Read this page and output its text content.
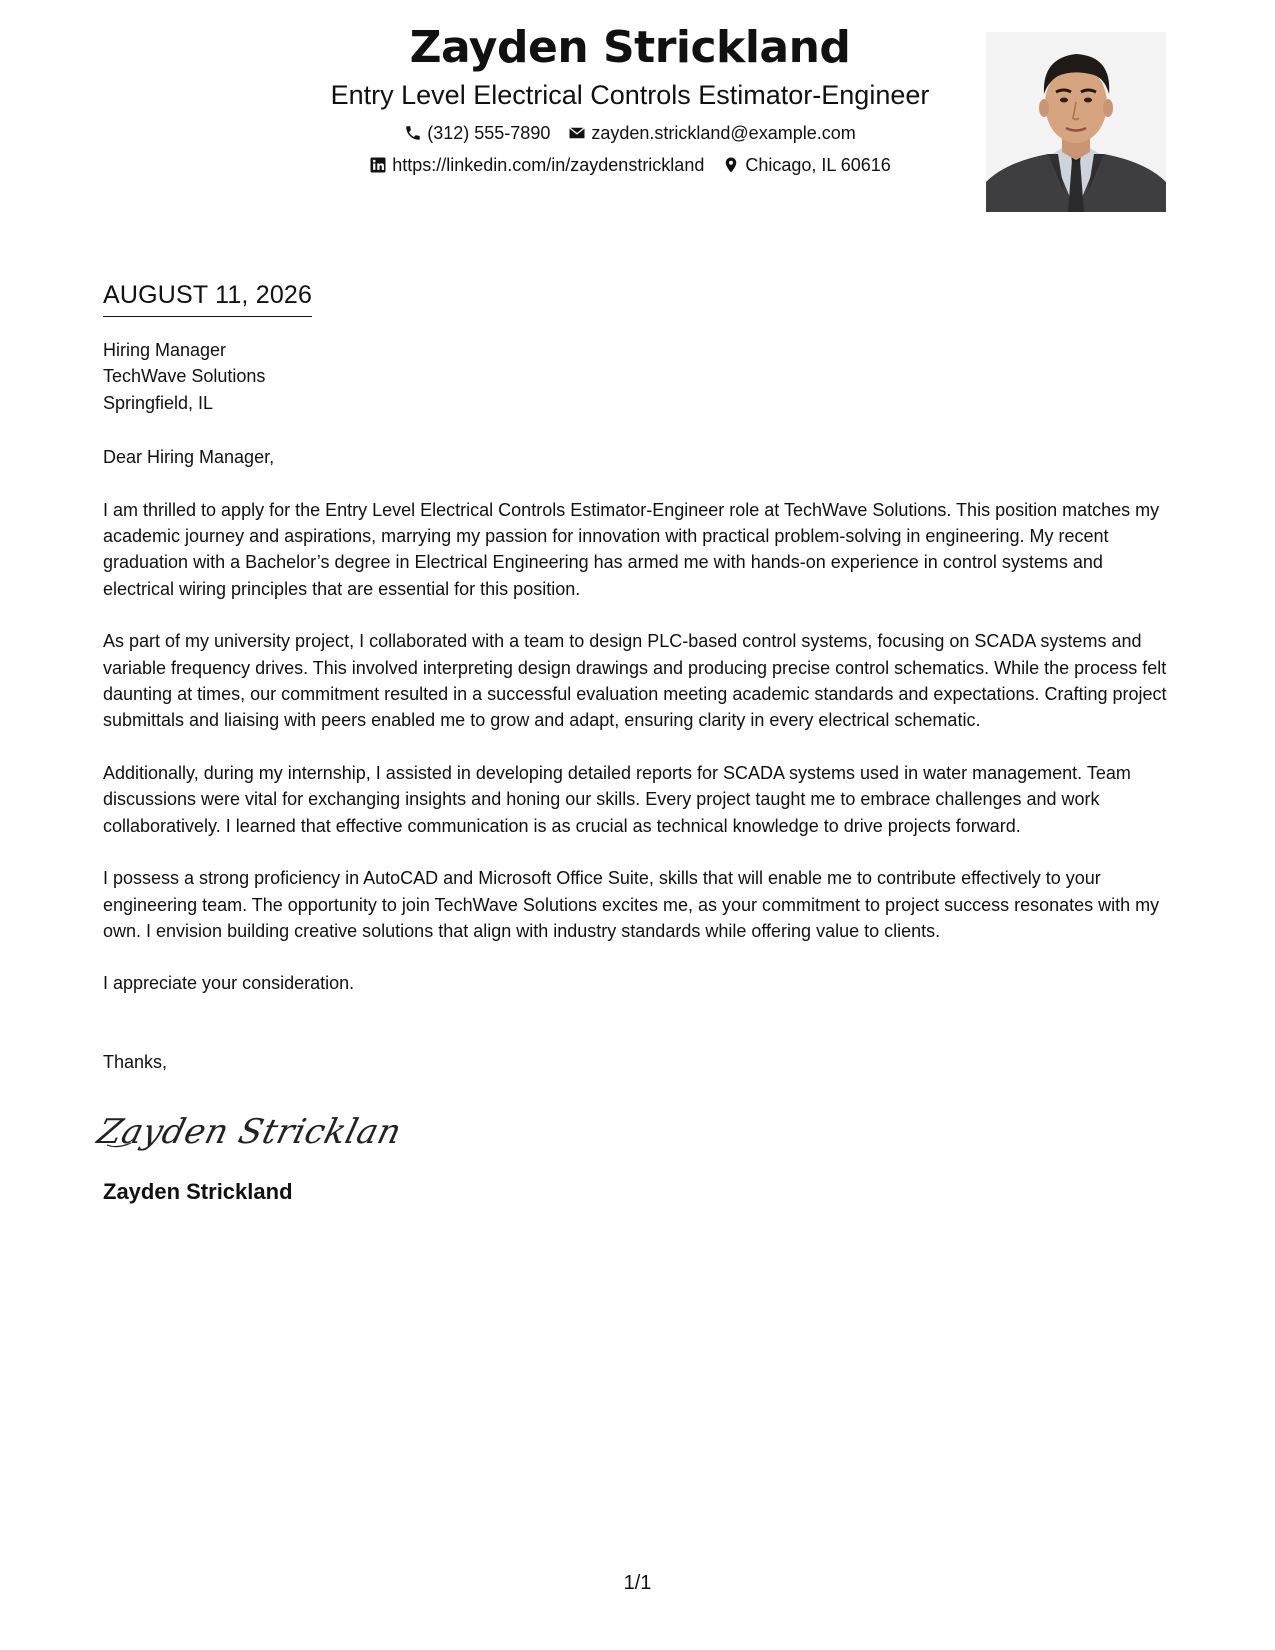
Zayden Strickland
Entry Level Electrical Controls Estimator-Engineer
(312) 555-7890 zayden.strickland@example.com
https://linkedin.com/in/zaydenstrickland Chicago, IL 60616
AUGUST 11, 2026
Hiring Manager
TechWave Solutions
Springfield, IL
Dear Hiring Manager,
I am thrilled to apply for the Entry Level Electrical Controls Estimator-Engineer role at TechWave Solutions. This position matches my academic journey and aspirations, marrying my passion for innovation with practical problem-solving in engineering. My recent graduation with a Bachelor’s degree in Electrical Engineering has armed me with hands-on experience in control systems and electrical wiring principles that are essential for this position.
As part of my university project, I collaborated with a team to design PLC-based control systems, focusing on SCADA systems and variable frequency drives. This involved interpreting design drawings and producing precise control schematics. While the process felt daunting at times, our commitment resulted in a successful evaluation meeting academic standards and expectations. Crafting project submittals and liaising with peers enabled me to grow and adapt, ensuring clarity in every electrical schematic.
Additionally, during my internship, I assisted in developing detailed reports for SCADA systems used in water management. Team discussions were vital for exchanging insights and honing our skills. Every project taught me to embrace challenges and work collaboratively. I learned that effective communication is as crucial as technical knowledge to drive projects forward.
I possess a strong proficiency in AutoCAD and Microsoft Office Suite, skills that will enable me to contribute effectively to your engineering team. The opportunity to join TechWave Solutions excites me, as your commitment to project success resonates with my own. I envision building creative solutions that align with industry standards while offering value to clients.
I appreciate your consideration.
Thanks,
Zayden Stricklan
Zayden Strickland
1/1
